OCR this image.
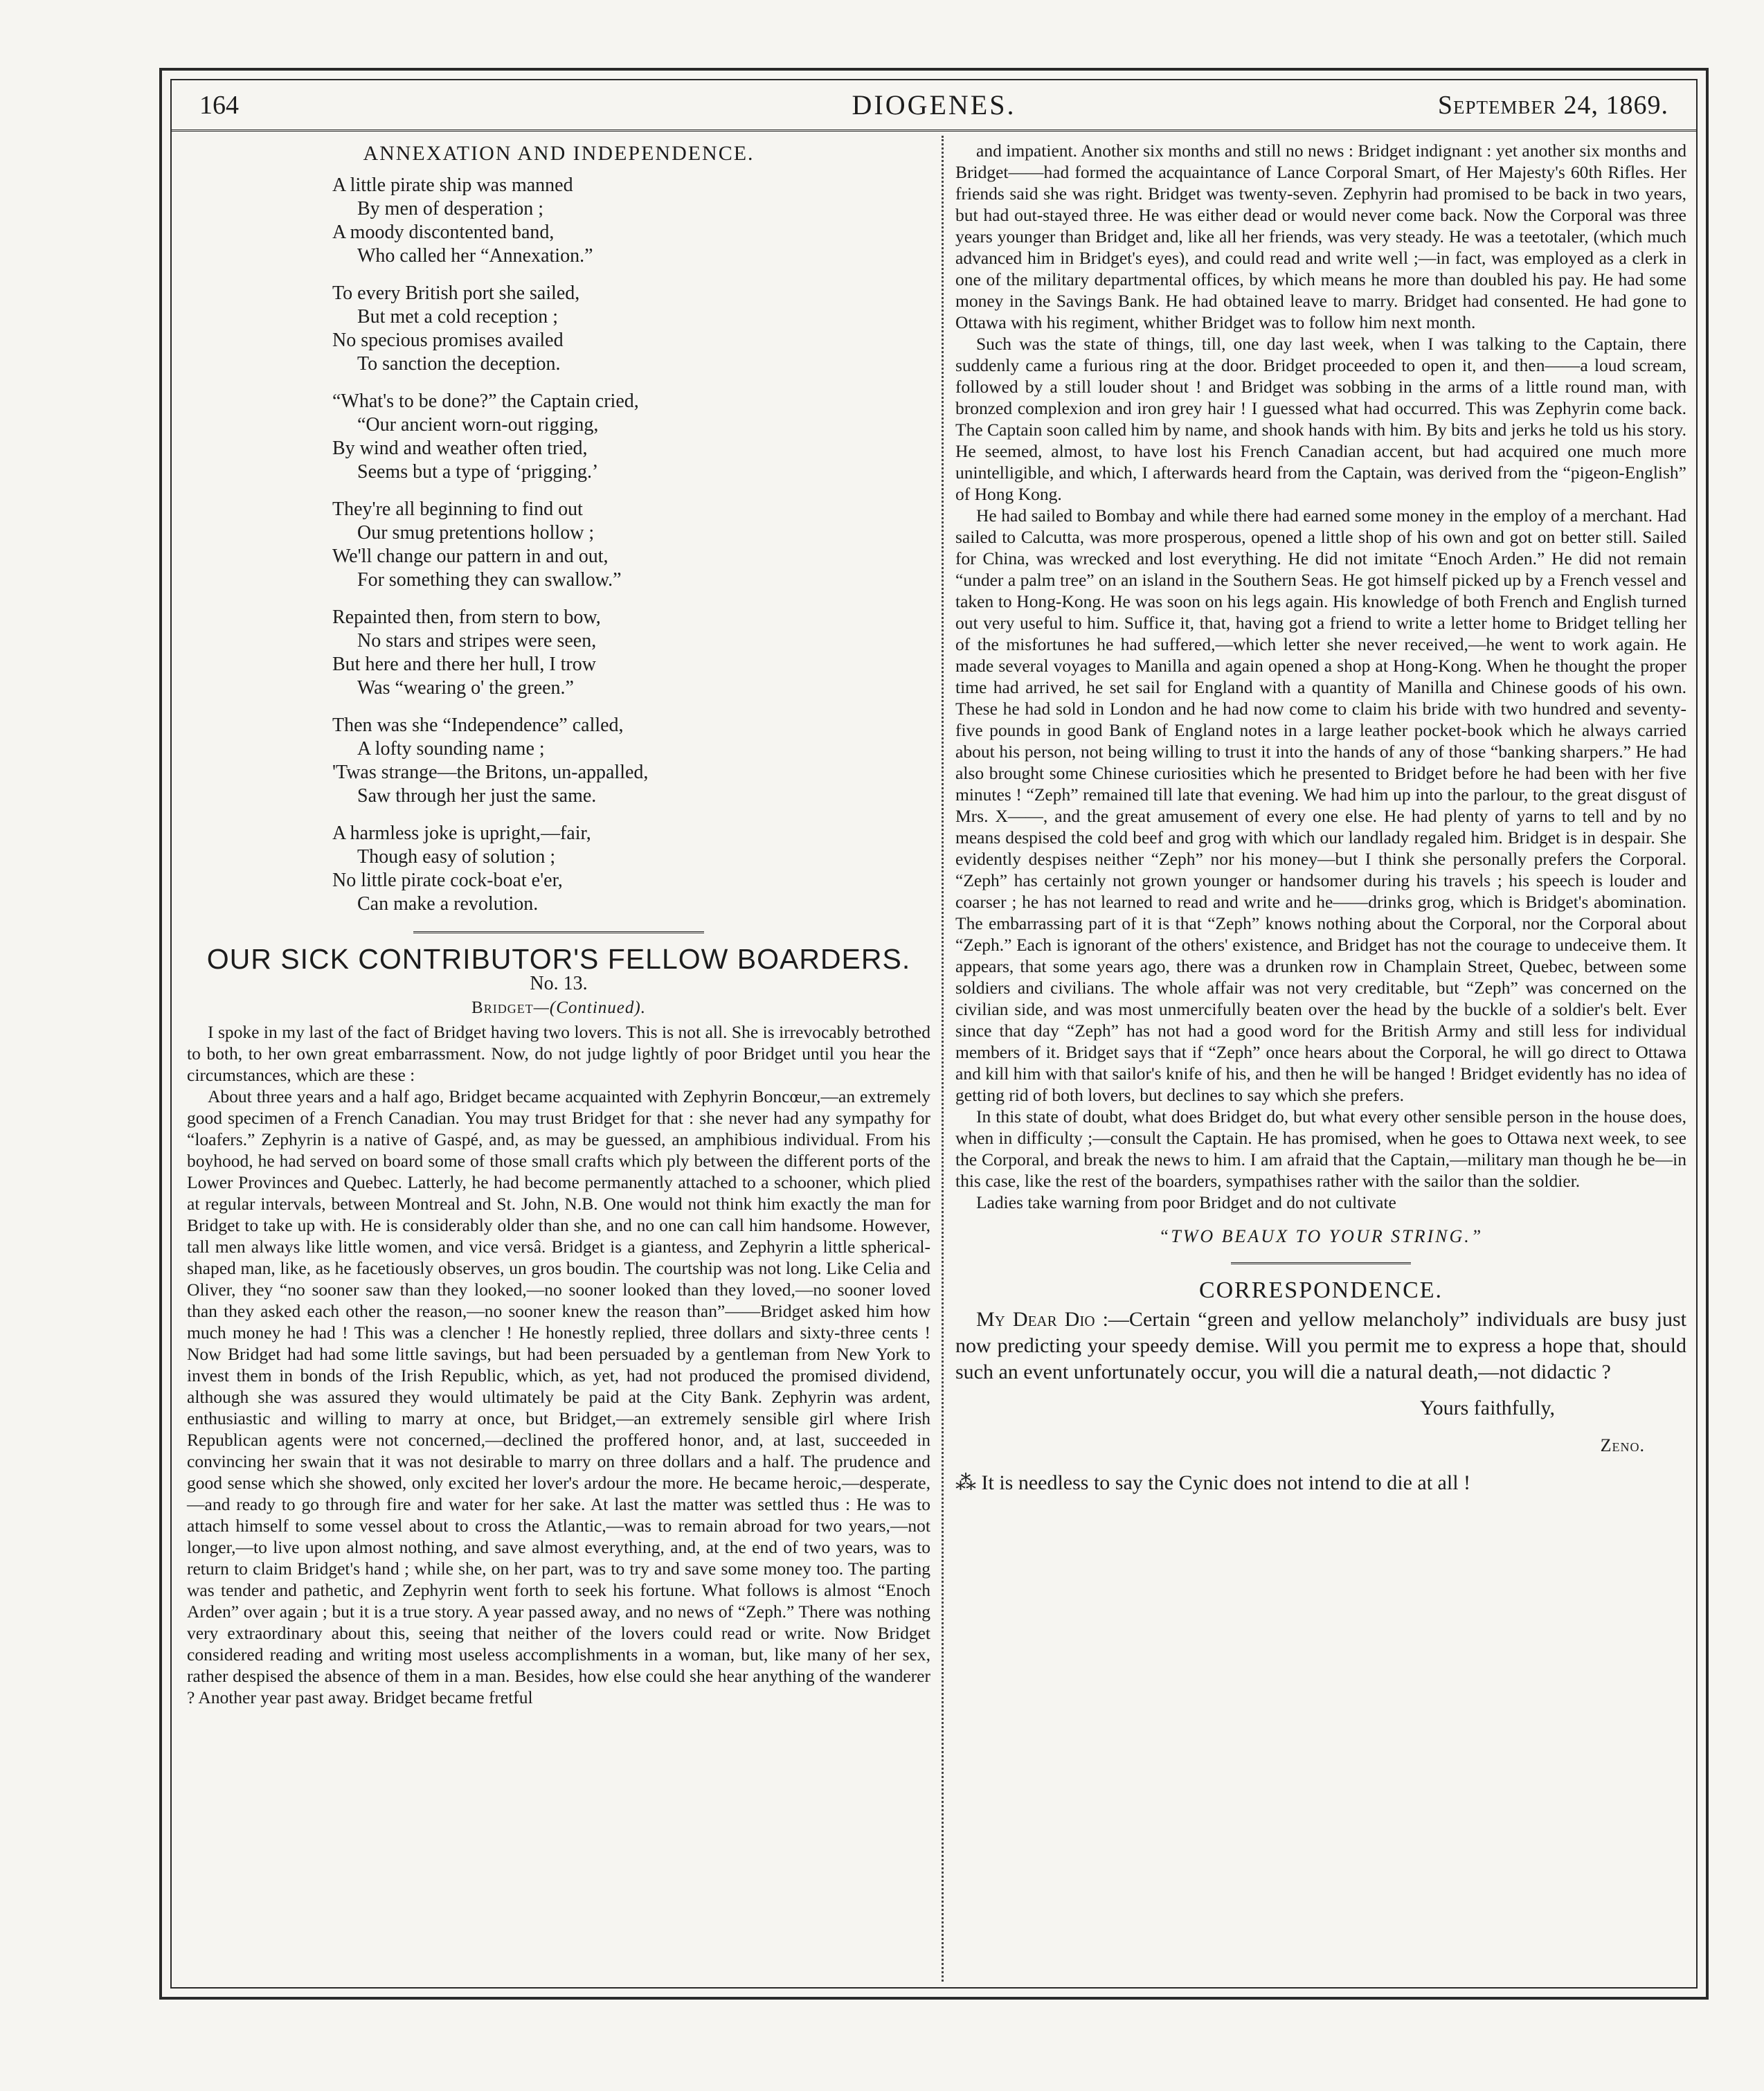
164	DIOGENES.	September 24, 1869.
ANNEXATION AND INDEPENDENCE.
A little pirate ship was manned
By men of desperation ;
A moody discontented band,
Who called her “Annexation.”
To every British port she sailed,
But met a cold reception ;
No specious promises availed
To sanction the deception.
“What's to be done?” the Captain cried,
“Our ancient worn-out rigging,
By wind and weather often tried,
Seems but a type of ‘prigging.’
They're all beginning to find out
Our smug pretentions hollow ;
We'll change our pattern in and out,
For something they can swallow.”
Repainted then, from stern to bow,
No stars and stripes were seen,
But here and there her hull, I trow
Was “wearing o' the green.”
Then was she “Independence” called,
A lofty sounding name ;
'Twas strange—the Britons, un-appalled,
Saw through her just the same.
A harmless joke is upright,—fair,
Though easy of solution ;
No little pirate cock-boat e'er,
Can make a revolution.
OUR SICK CONTRIBUTOR'S FELLOW BOARDERS.
No. 13.
Bridget—(Continued).

I spoke in my last of the fact of Bridget having two lovers. This is not all. She is irrevocably betrothed to both, to her own great embarrassment. Now, do not judge lightly of poor Bridget until you hear the circumstances, which are these :

About three years and a half ago, Bridget became acquainted with Zephyrin Boncœur,—an extremely good specimen of a French Canadian. You may trust Bridget for that : she never had any sympathy for “loafers.” Zephyrin is a native of Gaspé, and, as may be guessed, an amphibious individual. From his boyhood, he had served on board some of those small crafts which ply between the different ports of the Lower Provinces and Quebec. Latterly, he had become permanently attached to a schooner, which plied at regular intervals, between Montreal and St. John, N.B. One would not think him exactly the man for Bridget to take up with. He is considerably older than she, and no one can call him handsome. However, tall men always like little women, and vice versâ. Bridget is a giantess, and Zephyrin a little spherical-shaped man, like, as he facetiously observes, un gros boudin. The courtship was not long. Like Celia and Oliver, they “no sooner saw than they looked,—no sooner looked than they loved,—no sooner loved than they asked each other the reason,—no sooner knew the reason than”——Bridget asked him how much money he had ! This was a clencher ! He honestly replied, three dollars and sixty-three cents ! Now Bridget had had some little savings, but had been persuaded by a gentleman from New York to invest them in bonds of the Irish Republic, which, as yet, had not produced the promised dividend, although she was assured they would ultimately be paid at the City Bank. Zephyrin was ardent, enthusiastic and willing to marry at once, but Bridget,—an extremely sensible girl where Irish Republican agents were not concerned,—declined the proffered honor, and, at last, succeeded in convincing her swain that it was not desirable to marry on three dollars and a half. The prudence and good sense which she showed, only excited her lover's ardour the more. He became heroic,—desperate,—and ready to go through fire and water for her sake. At last the matter was settled thus : He was to attach himself to some vessel about to cross the Atlantic,—was to remain abroad for two years,—not longer,—to live upon almost nothing, and save almost everything, and, at the end of two years, was to return to claim Bridget's hand ; while she, on her part, was to try and save some money too. The parting was tender and pathetic, and Zephyrin went forth to seek his fortune. What follows is almost “Enoch Arden” over again ; but it is a true story. A year passed away, and no news of “Zeph.” There was nothing very extraordinary about this, seeing that neither of the lovers could read or write. Now Bridget considered reading and writing most useless accomplishments in a woman, but, like many of her sex, rather despised the absence of them in a man. Besides, how else could she hear anything of the wanderer ? Another year past away. Bridget became fretful

and impatient. Another six months and still no news : Bridget indignant : yet another six months and Bridget——had formed the acquaintance of Lance Corporal Smart, of Her Majesty's 60th Rifles. Her friends said she was right. Bridget was twenty-seven. Zephyrin had promised to be back in two years, but had out-stayed three. He was either dead or would never come back. Now the Corporal was three years younger than Bridget and, like all her friends, was very steady. He was a teetotaler, (which much advanced him in Bridget's eyes), and could read and write well ;—in fact, was employed as a clerk in one of the military departmental offices, by which means he more than doubled his pay. He had some money in the Savings Bank. He had obtained leave to marry. Bridget had consented. He had gone to Ottawa with his regiment, whither Bridget was to follow him next month.

Such was the state of things, till, one day last week, when I was talking to the Captain, there suddenly came a furious ring at the door. Bridget proceeded to open it, and then——a loud scream, followed by a still louder shout ! and Bridget was sobbing in the arms of a little round man, with bronzed complexion and iron grey hair ! I guessed what had occurred. This was Zephyrin come back. The Captain soon called him by name, and shook hands with him. By bits and jerks he told us his story. He seemed, almost, to have lost his French Canadian accent, but had acquired one much more unintelligible, and which, I afterwards heard from the Captain, was derived from the “pigeon-English” of Hong Kong.

He had sailed to Bombay and while there had earned some money in the employ of a merchant. Had sailed to Calcutta, was more prosperous, opened a little shop of his own and got on better still. Sailed for China, was wrecked and lost everything. He did not imitate “Enoch Arden.” He did not remain “under a palm tree” on an island in the Southern Seas. He got himself picked up by a French vessel and taken to Hong-Kong. He was soon on his legs again. His knowledge of both French and English turned out very useful to him. Suffice it, that, having got a friend to write a letter home to Bridget telling her of the misfortunes he had suffered,—which letter she never received,—he went to work again. He made several voyages to Manilla and again opened a shop at Hong-Kong. When he thought the proper time had arrived, he set sail for England with a quantity of Manilla and Chinese goods of his own. These he had sold in London and he had now come to claim his bride with two hundred and seventy-five pounds in good Bank of England notes in a large leather pocket-book which he always carried about his person, not being willing to trust it into the hands of any of those “banking sharpers.” He had also brought some Chinese curiosities which he presented to Bridget before he had been with her five minutes ! “Zeph” remained till late that evening. We had him up into the parlour, to the great disgust of Mrs. X——, and the great amusement of every one else. He had plenty of yarns to tell and by no means despised the cold beef and grog with which our landlady regaled him. Bridget is in despair. She evidently despises neither “Zeph” nor his money—but I think she personally prefers the Corporal. “Zeph” has certainly not grown younger or handsomer during his travels ; his speech is louder and coarser ; he has not learned to read and write and he——drinks grog, which is Bridget's abomination. The embarrassing part of it is that “Zeph” knows nothing about the Corporal, nor the Corporal about “Zeph.” Each is ignorant of the others' existence, and Bridget has not the courage to undeceive them. It appears, that some years ago, there was a drunken row in Champlain Street, Quebec, between some soldiers and civilians. The whole affair was not very creditable, but “Zeph” was concerned on the civilian side, and was most unmercifully beaten over the head by the buckle of a soldier's belt. Ever since that day “Zeph” has not had a good word for the British Army and still less for individual members of it. Bridget says that if “Zeph” once hears about the Corporal, he will go direct to Ottawa and kill him with that sailor's knife of his, and then he will be hanged ! Bridget evidently has no idea of getting rid of both lovers, but declines to say which she prefers.

In this state of doubt, what does Bridget do, but what every other sensible person in the house does, when in difficulty ;—consult the Captain. He has promised, when he goes to Ottawa next week, to see the Corporal, and break the news to him. I am afraid that the Captain,—military man though he be—in this case, like the rest of the boarders, sympathises rather with the sailor than the soldier.

Ladies take warning from poor Bridget and do not cultivate

“TWO BEAUX TO YOUR STRING.”
CORRESPONDENCE.

My Dear Dio :—Certain “green and yellow melancholy” individuals are busy just now predicting your speedy demise. Will you permit me to express a hope that, should such an event unfortunately occur, you will die a natural death,—not didactic ?

Yours faithfully,
Zeno.
⁂ It is needless to say the Cynic does not intend to die at all !
